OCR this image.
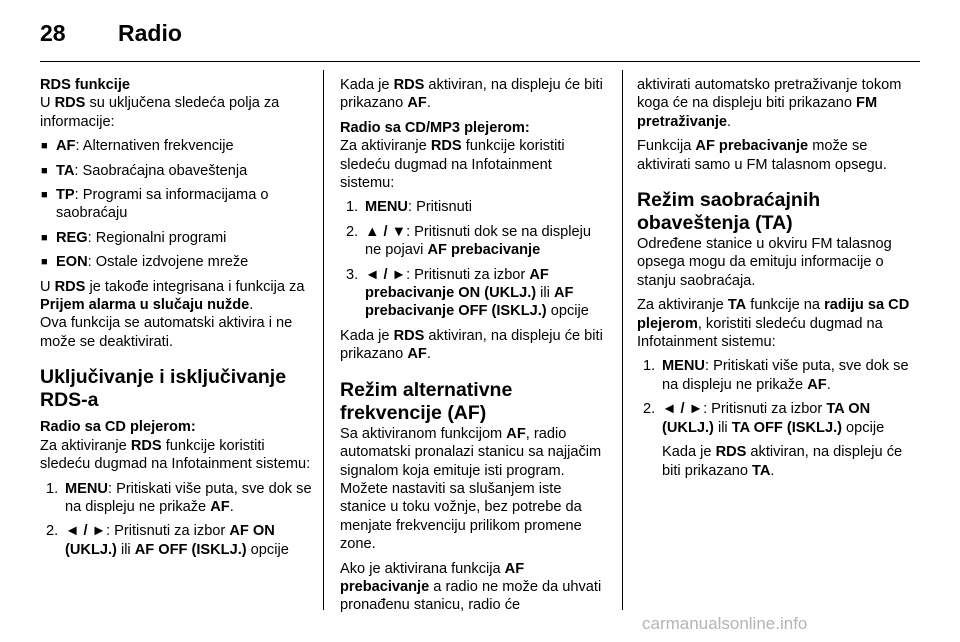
28	Radio
RDS funkcije

U RDS su uključena sledeća polja za informacije:

■ AF: Alternativen frekvencije
■ TA: Saobraćajna obaveštenja
■ TP: Programi sa informacijama o saobraćaju
■ REG: Regionalni programi
■ EON: Ostale izdvojene mreže

U RDS je takođe integrisana i funkcija za Prijem alarma u slučaju nužde.
Ova funkcija se automatski aktivira i ne može se deaktivirati.

Uključivanje i isključivanje RDS-a
Radio sa CD plejerom:

Za aktiviranje RDS funkcije koristiti sledeću dugmad na Infotainment sistemu:

1. MENU: Pritiskati više puta, sve dok se na displeju ne prikaže AF.
2. ◄ / ►: Pritisnuti za izbor AF ON (UKLJ.) ili AF OFF (ISKLJ.) opcije

Kada je RDS aktiviran, na displeju će biti prikazano AF.

Radio sa CD/MP3 plejerom:

Za aktiviranje RDS funkcije koristiti sledeću dugmad na Infotainment sistemu:

1. MENU: Pritisnuti
2. ▲ / ▼: Pritisnuti dok se na displeju ne pojavi AF prebacivanje
3. ◄ / ►: Pritisnuti za izbor AF prebacivanje ON (UKLJ.) ili AF prebacivanje OFF (ISKLJ.) opcije

Kada je RDS aktiviran, na displeju će biti prikazano AF.

Režim alternativne frekvencije (AF)

Sa aktiviranom funkcijom AF, radio automatski pronalazi stanicu sa najjačim signalom koja emituje isti program. Možete nastaviti sa slušanjem iste stanice u toku vožnje, bez potrebe da menjate frekvenciju prilikom promene zone.

Ako je aktivirana funkcija AF prebacivanje a radio ne može da uhvati pronađenu stanicu, radio će

aktivirati automatsko pretraživanje tokom koga će na displeju biti prikazano FM pretraživanje.

Funkcija AF prebacivanje može se aktivirati samo u FM talasnom opsegu.

Režim saobraćajnih obaveštenja (TA)

Određene stanice u okviru FM talasnog opsega mogu da emituju informacije o stanju saobraćaja.

Za aktiviranje TA funkcije na radiju sa CD plejerom, koristiti sledeću dugmad na Infotainment sistemu:

1. MENU: Pritiskati više puta, sve dok se na displeju ne prikaže AF.
2. ◄ / ►: Pritisnuti za izbor TA ON (UKLJ.) ili TA OFF (ISKLJ.) opcije

Kada je RDS aktiviran, na displeju će biti prikazano TA.

carmanualsonline.info
